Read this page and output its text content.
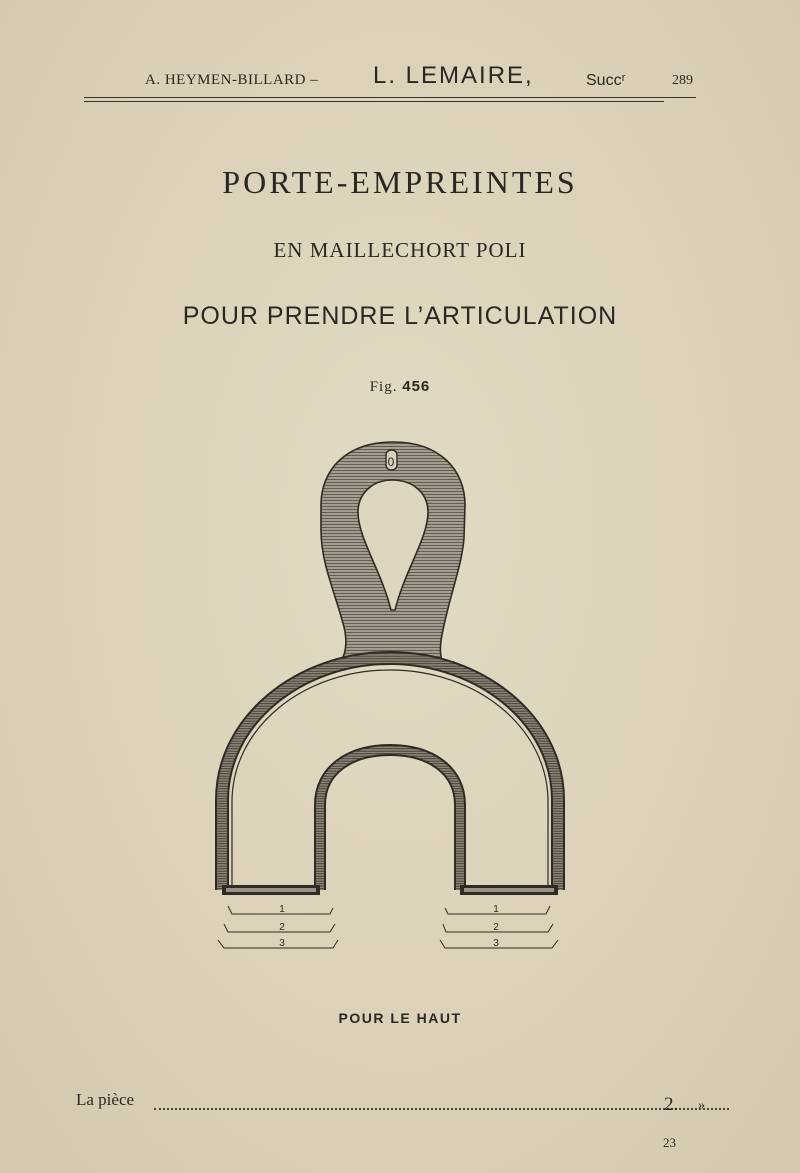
A. HEYMEN-BILLARD – L. LEMAIRE,	Succʳ	289
PORTE-EMPREINTES
EN MAILLECHORT POLI
POUR PRENDRE L’ARTICULATION
Fig. 456
0
1
2
3
1
2
3
POUR LE HAUT
La pièce	2. »
23
